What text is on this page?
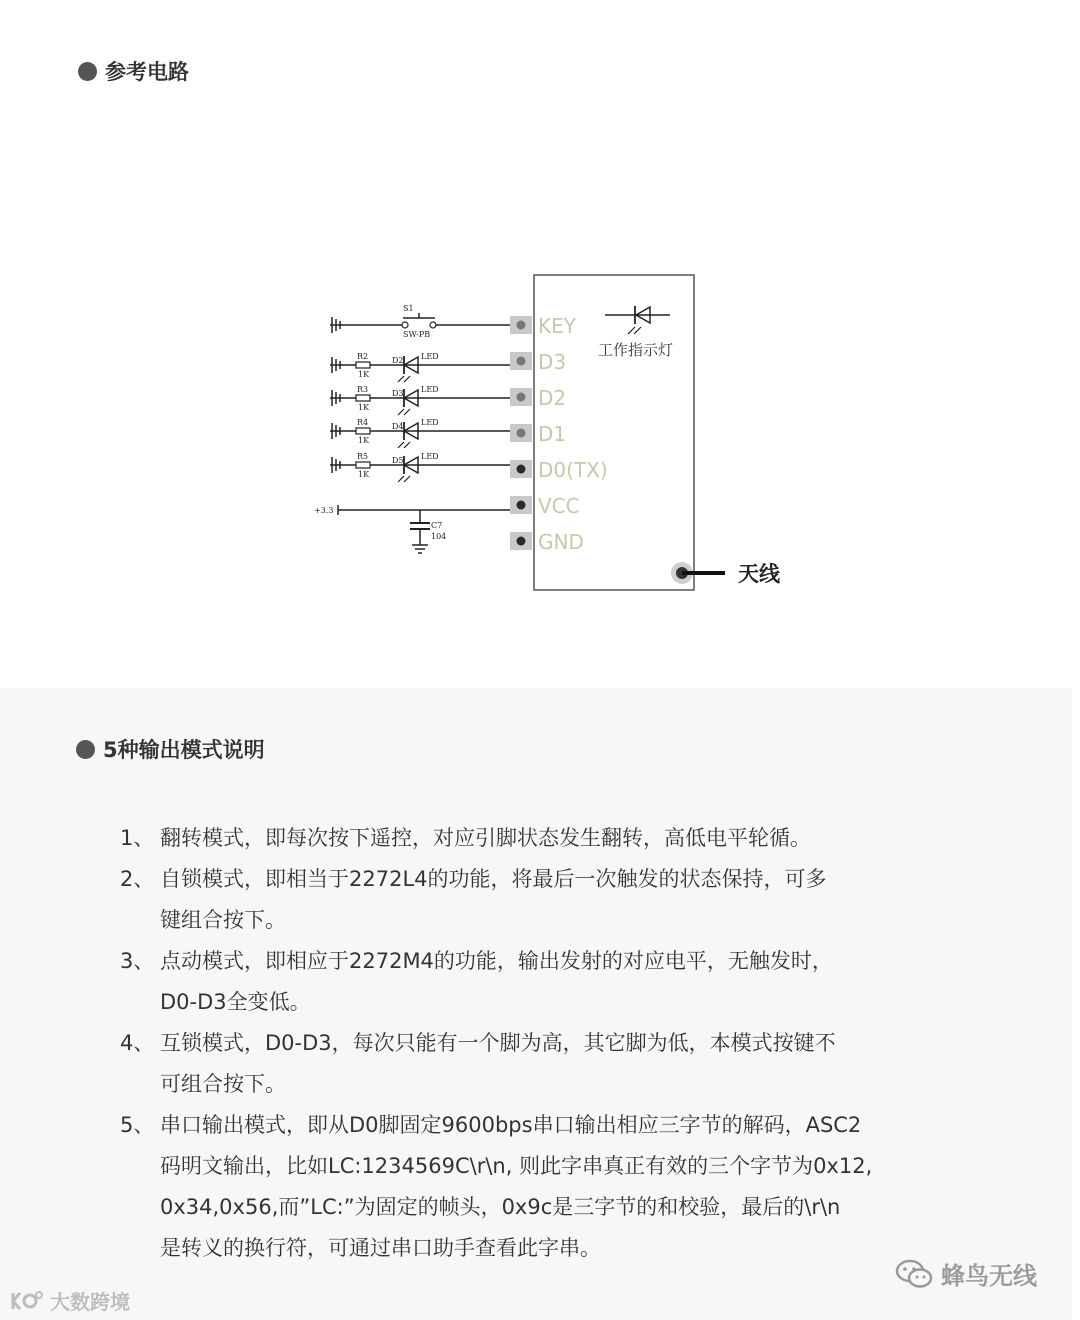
参考电路
S1
SW-PB
R2
1K
D2 LED
R3
1K
D3 LED
R4
1K
D4 LED
R5
1K
D5 LED
+3.3
C7
104
KEY
D3
D2
D1
D0(TX)
VCC
GND
工作指示灯
天线
5种输出模式说明
1、 翻转模式，即每次按下遥控，对应引脚状态发生翻转，高低电平轮循。
2、 自锁模式，即相当于2272L4的功能，将最后一次触发的状态保持，可多
键组合按下。
3、 点动模式，即相应于2272M4的功能，输出发射的对应电平，无触发时，
D0-D3全变低。
4、 互锁模式，D0-D3，每次只能有一个脚为高，其它脚为低，本模式按键不
可组合按下。
5、 串口输出模式，即从D0脚固定9600bps串口输出相应三字节的解码，ASC2
码明文输出，比如LC:1234569C\r\n, 则此字串真正有效的三个字节为0x12,
0x34,0x56,而”LC:”为固定的帧头，0x9c是三字节的和校验，最后的\r\n
是转义的换行符，可通过串口助手查看此字串。
大数跨境
蜂鸟无线
